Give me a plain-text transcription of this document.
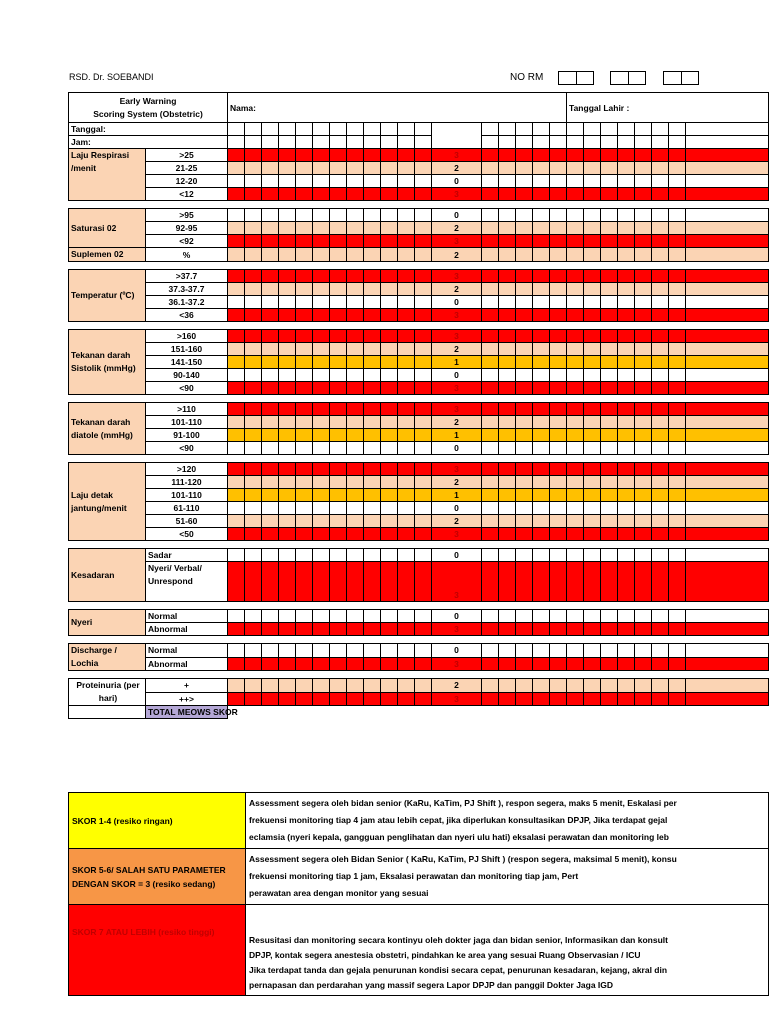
RSD. Dr. SOEBANDI	NO RM
Early Warning
Scoring System (Obstetric)		Nama:																		Tanggal Lahir :							
Tanggal:																											
Jam:																											
Laju Respirasi /menit	>25													3													
	21-25													2													
	12-20													0													
	<12													3													

Saturasi 02	>95													0													
	92-95													2													
	<92													3													
Suplemen 02	%													2													

Temperatur (ºC)	>37.7													3													
	37.3-37.7													2													
	36.1-37.2													0													
	<36													3													

Tekanan darah Sistolik (mmHg)	>160													3													
	151-160													2													
	141-150													1													
	90-140													0													
	<90													3													

Tekanan darah diatole (mmHg)	>110													3													
	101-110													2													
	91-100													1													
	<90													0													

Laju detak jantung/menit	>120													3													
	111-120													2													
	101-110													1													
	61-110													0													
	51-60													2													
	<50													3													

Kesadaran	Sadar													0													
	Nyeri/ Verbal/ Unrespond													3													

Nyeri	Normal													0													
	Abnormal													3													

Discharge / Lochia	Normal													0													
	Abnormal													3													

Proteinuria (per hari)	+													2													
	++>													3													
	TOTAL MEOWS SKOR																										
SKOR 1-4 (resiko ringan)	Assessment segera oleh bidan senior (KaRu, KaTim, PJ Shift ), respon segera, maks 5 menit, Eskalasi per
frekuensi monitoring tiap 4 jam atau lebih cepat, jika diperlukan konsultasikan DPJP, Jika terdapat gejal
eclamsia (nyeri kepala, gangguan penglihatan dan nyeri ulu hati) eksalasi perawatan dan monitoring leb

SKOR 5-6/ SALAH SATU PARAMETER DENGAN SKOR = 3 (resiko sedang)	Assessment segera oleh Bidan Senior ( KaRu, KaTim, PJ Shift ) (respon segera, maksimal 5 menit), konsu
frekuensi monitoring tiap 1 jam, Eksalasi perawatan dan monitoring tiap jam, Pert
perawatan area dengan monitor yang sesuai

SKOR 7 ATAU LEBIH (resiko tinggi)	Resusitasi dan monitoring secara kontinyu oleh dokter jaga dan bidan senior, Informasikan dan konsult
DPJP, kontak segera anestesia obstetri, pindahkan ke area yang sesuai Ruang Observasian / ICU
Jika terdapat tanda dan gejala penurunan kondisi secara cepat, penurunan kesadaran, kejang, akral din
pernapasan dan perdarahan yang massif segera Lapor DPJP dan panggil Dokter Jaga IGD
